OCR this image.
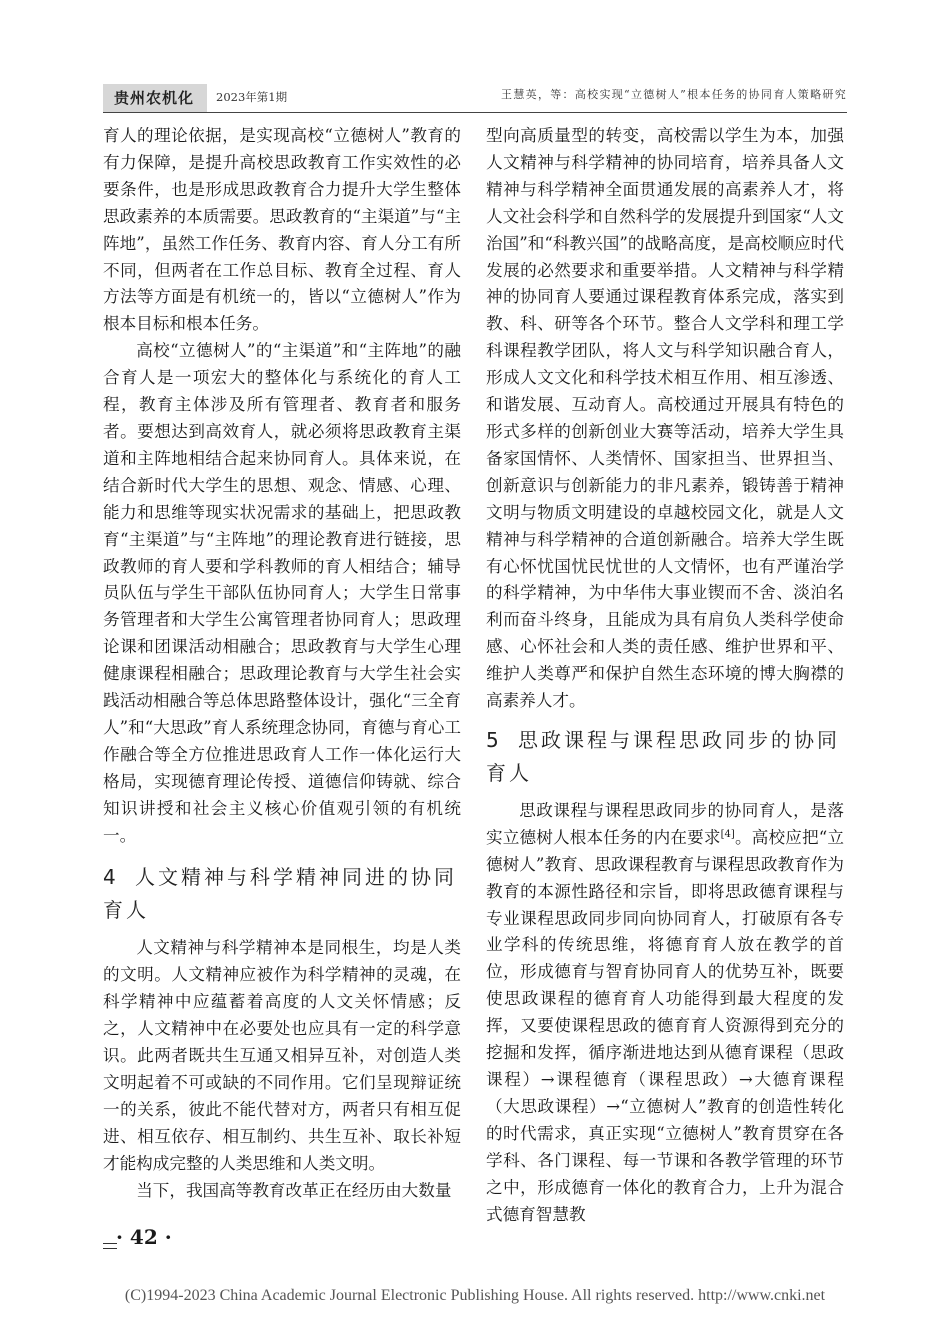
贵州农机化 2023年第1期	王慧英，等：高校实现“立德树人”根本任务的协同育人策略研究

育人的理论依据，是实现高校“立德树人”教育的有力保障，是提升高校思政教育工作实效性的必要条件，也是形成思政教育合力提升大学生整体思政素养的本质需要。思政教育的“主渠道”与“主阵地”，虽然工作任务、教育内容、育人分工有所不同，但两者在工作总目标、教育全过程、育人方法等方面是有机统一的，皆以“立德树人”作为根本目标和根本任务。

高校“立德树人”的“主渠道”和“主阵地”的融合育人是一项宏大的整体化与系统化的育人工程，教育主体涉及所有管理者、教育者和服务者。要想达到高效育人，就必须将思政教育主渠道和主阵地相结合起来协同育人。具体来说，在结合新时代大学生的思想、观念、情感、心理、能力和思维等现实状况需求的基础上，把思政教育“主渠道”与“主阵地”的理论教育进行链接，思政教师的育人要和学科教师的育人相结合；辅导员队伍与学生干部队伍协同育人；大学生日常事务管理者和大学生公寓管理者协同育人；思政理论课和团课活动相融合；思政教育与大学生心理健康课程相融合；思政理论教育与大学生社会实践活动相融合等总体思路整体设计，强化“三全育人”和“大思政”育人系统理念协同，育德与育心工作融合等全方位推进思政育人工作一体化运行大格局，实现德育理论传授、道德信仰铸就、综合知识讲授和社会主义核心价值观引领的有机统一。

4 人文精神与科学精神同进的协同育人

人文精神与科学精神本是同根生，均是人类的文明。人文精神应被作为科学精神的灵魂，在科学精神中应蕴蓄着高度的人文关怀情感；反之，人文精神中在必要处也应具有一定的科学意识。此两者既共生互通又相异互补，对创造人类文明起着不可或缺的不同作用。它们呈现辩证统一的关系，彼此不能代替对方，两者只有相互促进、相互依存、相互制约、共生互补、取长补短才能构成完整的人类思维和人类文明。

当下，我国高等教育改革正在经历由大数量

型向高质量型的转变，高校需以学生为本，加强人文精神与科学精神的协同培育，培养具备人文精神与科学精神全面贯通发展的高素养人才，将人文社会科学和自然科学的发展提升到国家“人文治国”和“科教兴国”的战略高度，是高校顺应时代发展的必然要求和重要举措。人文精神与科学精神的协同育人要通过课程教育体系完成，落实到教、科、研等各个环节。整合人文学科和理工学科课程教学团队，将人文与科学知识融合育人，形成人文文化和科学技术相互作用、相互渗透、和谐发展、互动育人。高校通过开展具有特色的形式多样的创新创业大赛等活动，培养大学生具备家国情怀、人类情怀、国家担当、世界担当、创新意识与创新能力的非凡素养，锻铸善于精神文明与物质文明建设的卓越校园文化，就是人文精神与科学精神的合道创新融合。培养大学生既有心怀忧国忧民忧世的人文情怀，也有严谨治学的科学精神，为中华伟大事业锲而不舍、淡泊名利而奋斗终身，且能成为具有肩负人类科学使命感、心怀社会和人类的责任感、维护世界和平、维护人类尊严和保护自然生态环境的博大胸襟的高素养人才。

5 思政课程与课程思政同步的协同育人

思政课程与课程思政同步的协同育人，是落实立德树人根本任务的内在要求[4]。高校应把“立德树人”教育、思政课程教育与课程思政教育作为教育的本源性路径和宗旨，即将思政德育课程与专业课程思政同步同向协同育人，打破原有各专业学科的传统思维，将德育育人放在教学的首位，形成德育与智育协同育人的优势互补，既要使思政课程的德育育人功能得到最大程度的发挥，又要使课程思政的德育育人资源得到充分的挖掘和发挥，循序渐进地达到从德育课程（思政课程）→课程德育（课程思政）→大德育课程（大思政课程）→“立德树人”教育的创造性转化的时代需求，真正实现“立德树人”教育贯穿在各学科、各门课程、每一节课和各教学管理的环节之中，形成德育一体化的教育合力，上升为混合式德育智慧教

· 42 ·
(C)1994-2023 China Academic Journal Electronic Publishing House. All rights reserved. http://www.cnki.net
